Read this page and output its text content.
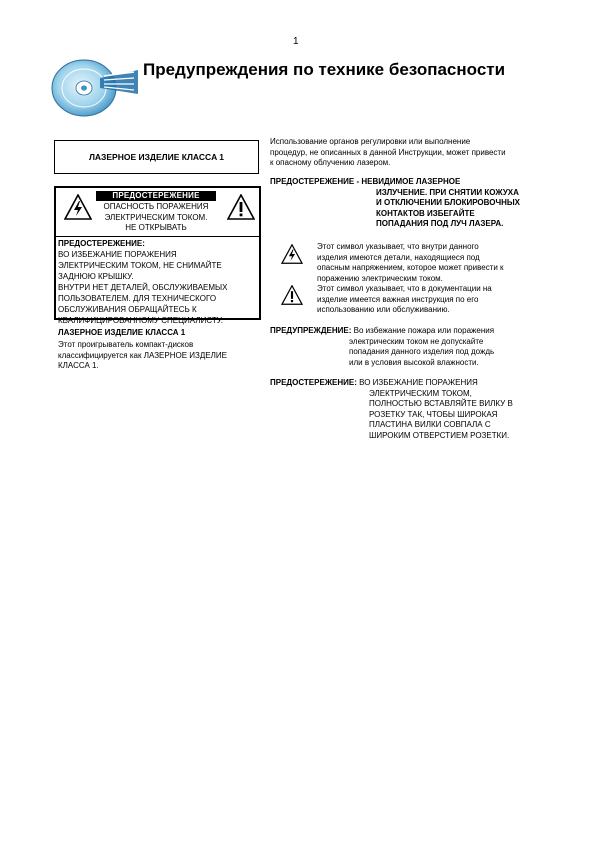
1
Предупреждения по технике безопасности
ЛАЗЕРНОЕ ИЗДЕЛИЕ КЛАСCA 1
ПРЕДОСТЕРЕЖЕНИЕ
ОПАСНОСТЬ ПОРАЖЕНИЯ
ЭЛЕКТРИЧЕСКИМ ТОКОМ.
НЕ ОТКРЫВАТЬ
ПРЕДОСТЕРЕЖЕНИЕ:
ВО ИЗБЕЖАНИЕ ПОРАЖЕНИЯ
ЭЛЕКТРИЧЕСКИМ ТОКОМ, НЕ СНИМАЙТЕ
ЗАДНЮЮ КРЫШКУ.
ВНУТРИ НЕТ ДЕТАЛЕЙ, ОБСЛУЖИВАЕМЫХ
ПОЛЬЗОВАТЕЛЕМ. ДЛЯ ТЕХНИЧЕСКОГО
ОБСЛУЖИВАНИЯ ОБРАЩАЙТЕСЬ К
КВАЛИФИЦИРОВАННОМУ СПЕЦИАЛИСТУ.
ЛАЗЕРНОЕ ИЗДЕЛИЕ КЛАССА 1
Этот проигрыватель компакт-дисков
классифицируется как ЛАЗЕРНОЕ ИЗДЕЛИЕ
КЛАССА 1.
Использование органов регулировки или выполнение
процедур, не описанных в данной Инструкции, может привести
к опасному облучению лазером.
ПРЕДОСТЕРЕЖЕНИЕ - НЕВИДИМОЕ ЛАЗЕРНОЕ
ИЗЛУЧЕНИЕ. ПРИ СНЯТИИ КОЖУХА
И ОТКЛЮЧЕНИИ БЛОКИРОВОЧНЫХ
КОНТАКТОВ ИЗБЕГАЙТЕ
ПОПАДАНИЯ ПОД ЛУЧ ЛАЗЕРА.
Этот символ указывает, что внутри данного
изделия имеются детали, находящиеся под
опасным напряжением, которое может привести к
поражению электрическим током.
Этот символ указывает, что в документации на
изделие имеется важная инструкция по его
использованию или обслуживанию.
ПРЕДУПРЕЖДЕНИЕ: Во избежание пожара или поражения
электрическим током не допускайте
попадания данного изделия под дождь
или в условия высокой влажности.
ПРЕДОСТЕРЕЖЕНИЕ: ВО ИЗБЕЖАНИЕ ПОРАЖЕНИЯ
ЭЛЕКТРИЧЕСКИМ ТОКОМ,
ПОЛНОСТЬЮ ВСТАВЛЯЙТЕ ВИЛКУ В
РОЗЕТКУ ТАК, ЧТОБЫ ШИРОКАЯ
ПЛАСТИНА ВИЛКИ СОВПАЛА С
ШИРОКИМ ОТВЕРСТИЕМ РОЗЕТКИ.
